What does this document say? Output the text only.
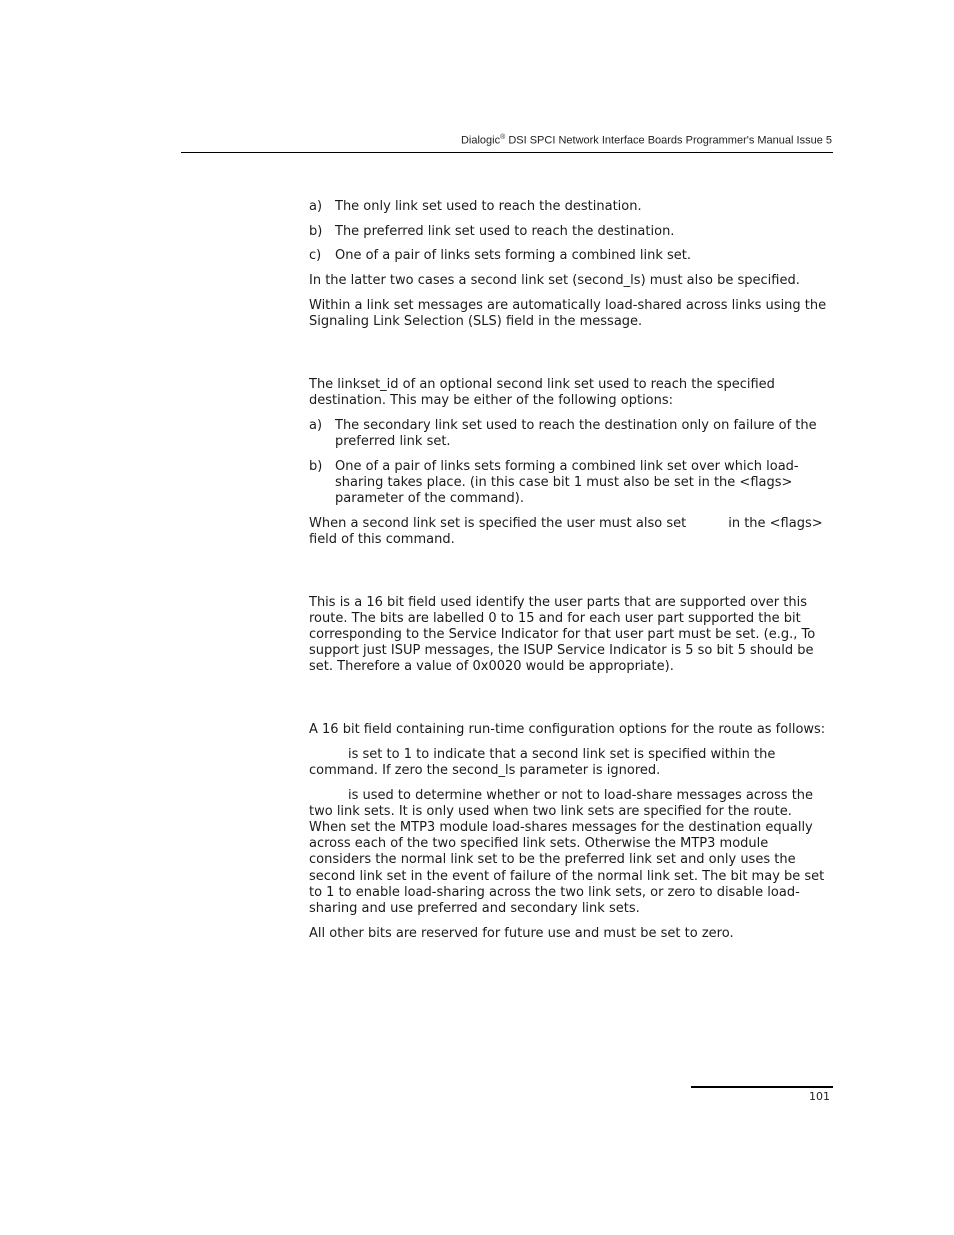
Dialogic® DSI SPCI Network Interface Boards Programmer's Manual Issue 5
a) The only link set used to reach the destination.
b) The preferred link set used to reach the destination.
c)	One of a pair of links sets forming a combined link set.

In the latter two cases a second link set (second_ls) must also be specified.

Within a link set messages are automatically load-shared across links using the Signaling Link Selection (SLS) field in the message.

The linkset_id of an optional second link set used to reach the specified destination. This may be either of the following options:

a) The secondary link set used to reach the destination only on failure of the preferred link set.
b) One of a pair of links sets forming a combined link set over which load-sharing takes place. (in this case bit 1 must also be set in the <flags> parameter of the command).

When a second link set is specified the user must also set	in the <flags> field of this command.

This is a 16 bit field used identify the user parts that are supported over this route. The bits are labelled 0 to 15 and for each user part supported the bit corresponding to the Service Indicator for that user part must be set. (e.g., To support just ISUP messages, the ISUP Service Indicator is 5 so bit 5 should be set. Therefore a value of 0x0020 would be appropriate).

A 16 bit field containing run-time configuration options for the route as follows:

is set to 1 to indicate that a second link set is specified within the command. If zero the second_ls parameter is ignored.

is used to determine whether or not to load-share messages across the two link sets. It is only used when two link sets are specified for the route. When set the MTP3 module load-shares messages for the destination equally across each of the two specified link sets. Otherwise the MTP3 module considers the normal link set to be the preferred link set and only uses the second link set in the event of failure of the normal link set. The bit may be set to 1 to enable load-sharing across the two link sets, or zero to disable load-sharing and use preferred and secondary link sets.

All other bits are reserved for future use and must be set to zero.

101
